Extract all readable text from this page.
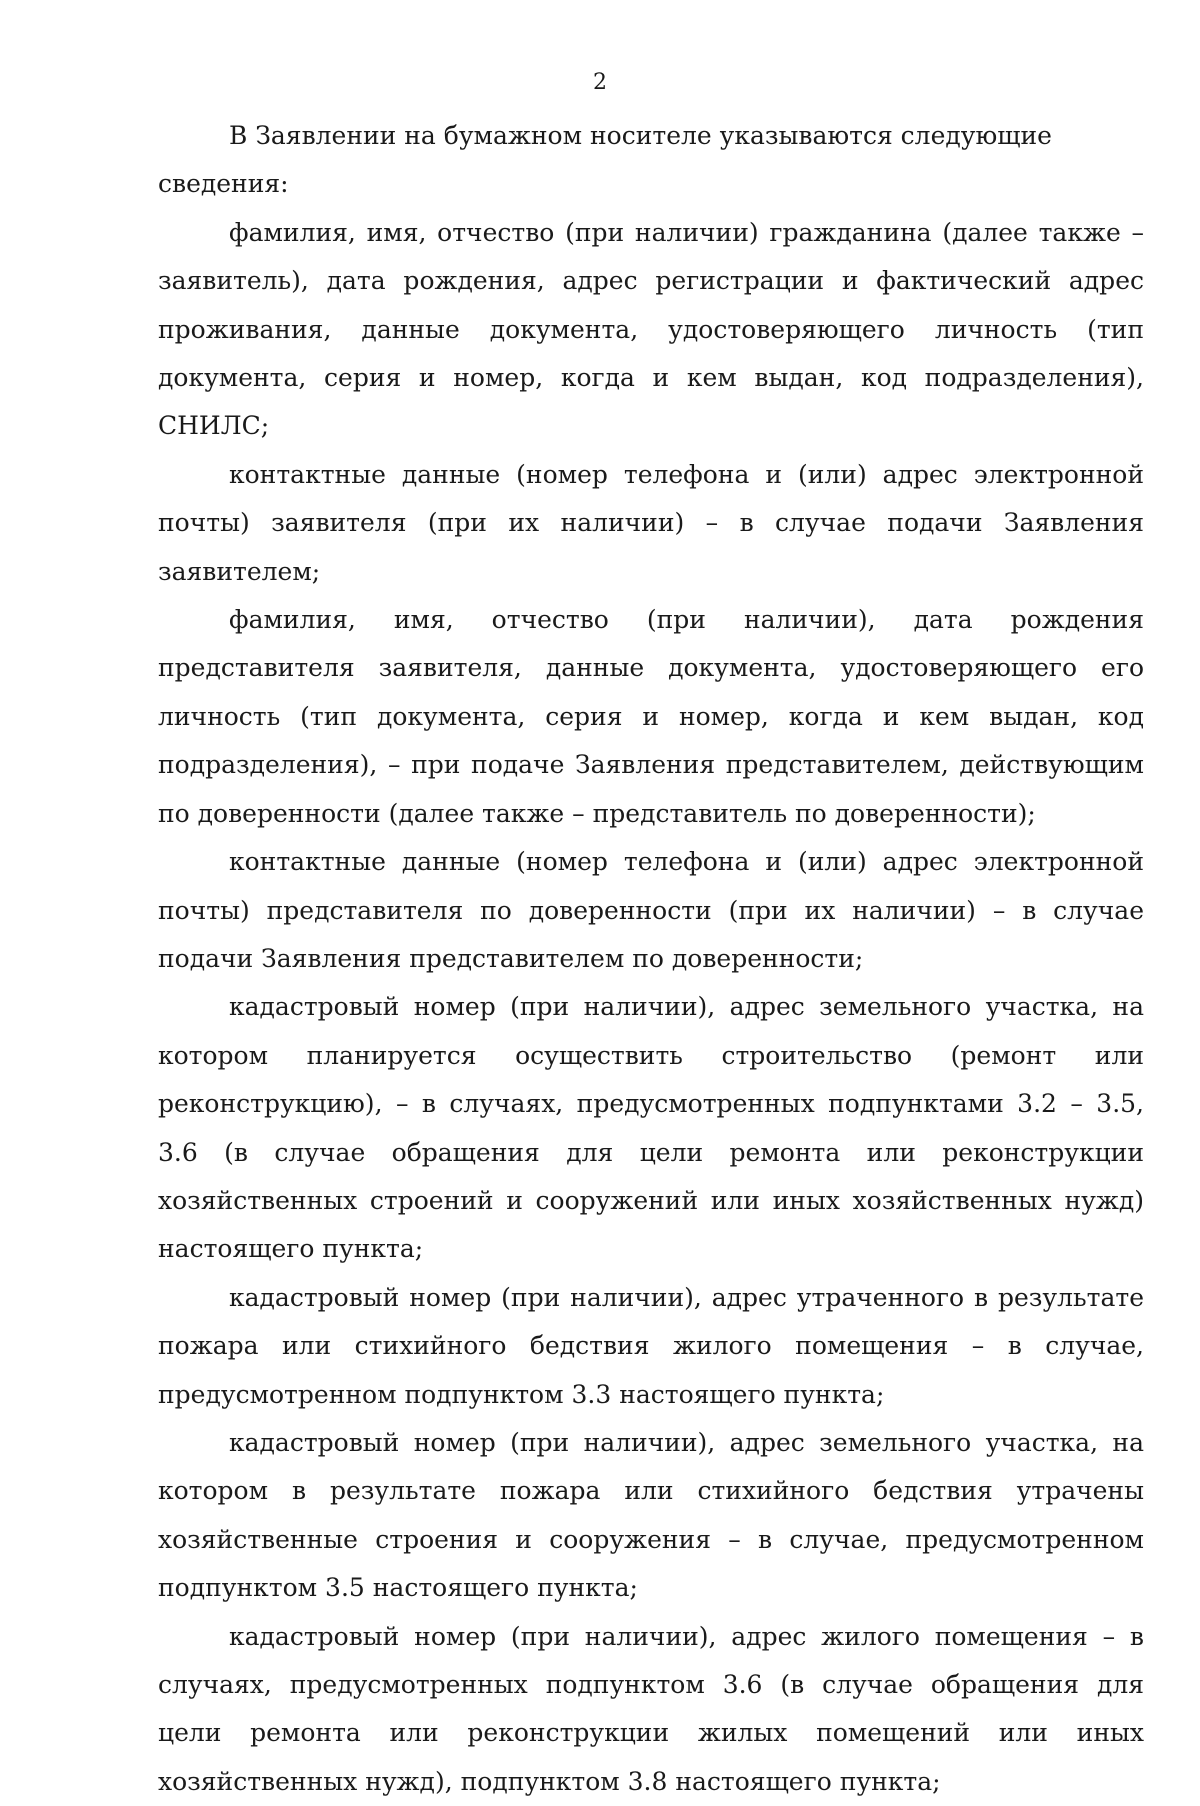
2

В Заявлении на бумажном носителе указываются следующие сведения:

фамилия, имя, отчество (при наличии) гражданина (далее также – заявитель), дата рождения, адрес регистрации и фактический адрес проживания, данные документа, удостоверяющего личность (тип документа, серия и номер, когда и кем выдан, код подразделения), СНИЛС;

контактные данные (номер телефона и (или) адрес электронной почты) заявителя (при их наличии) – в случае подачи Заявления заявителем;

фамилия, имя, отчество (при наличии), дата рождения представителя заявителя, данные документа, удостоверяющего его личность (тип документа, серия и номер, когда и кем выдан, код подразделения), – при подаче Заявления представителем, действующим по доверенности (далее также – представитель по доверенности);

контактные данные (номер телефона и (или) адрес электронной почты) представителя по доверенности (при их наличии) – в случае подачи Заявления представителем по доверенности;

кадастровый номер (при наличии), адрес земельного участка, на котором планируется осуществить строительство (ремонт или реконструкцию), – в случаях, предусмотренных подпунктами 3.2 – 3.5, 3.6 (в случае обращения для цели ремонта или реконструкции хозяйственных строений и сооружений или иных хозяйственных нужд) настоящего пункта;

кадастровый номер (при наличии), адрес утраченного в результате пожара или стихийного бедствия жилого помещения – в случае, предусмотренном подпунктом 3.3 настоящего пункта;

кадастровый номер (при наличии), адрес земельного участка, на котором в результате пожара или стихийного бедствия утрачены хозяйственные строения и сооружения – в случае, предусмотренном подпунктом 3.5 настоящего пункта;

кадастровый номер (при наличии), адрес жилого помещения – в случаях, предусмотренных подпунктом 3.6 (в случае обращения для цели ремонта или реконструкции жилых помещений или иных хозяйственных нужд), подпунктом 3.8 настоящего пункта;
